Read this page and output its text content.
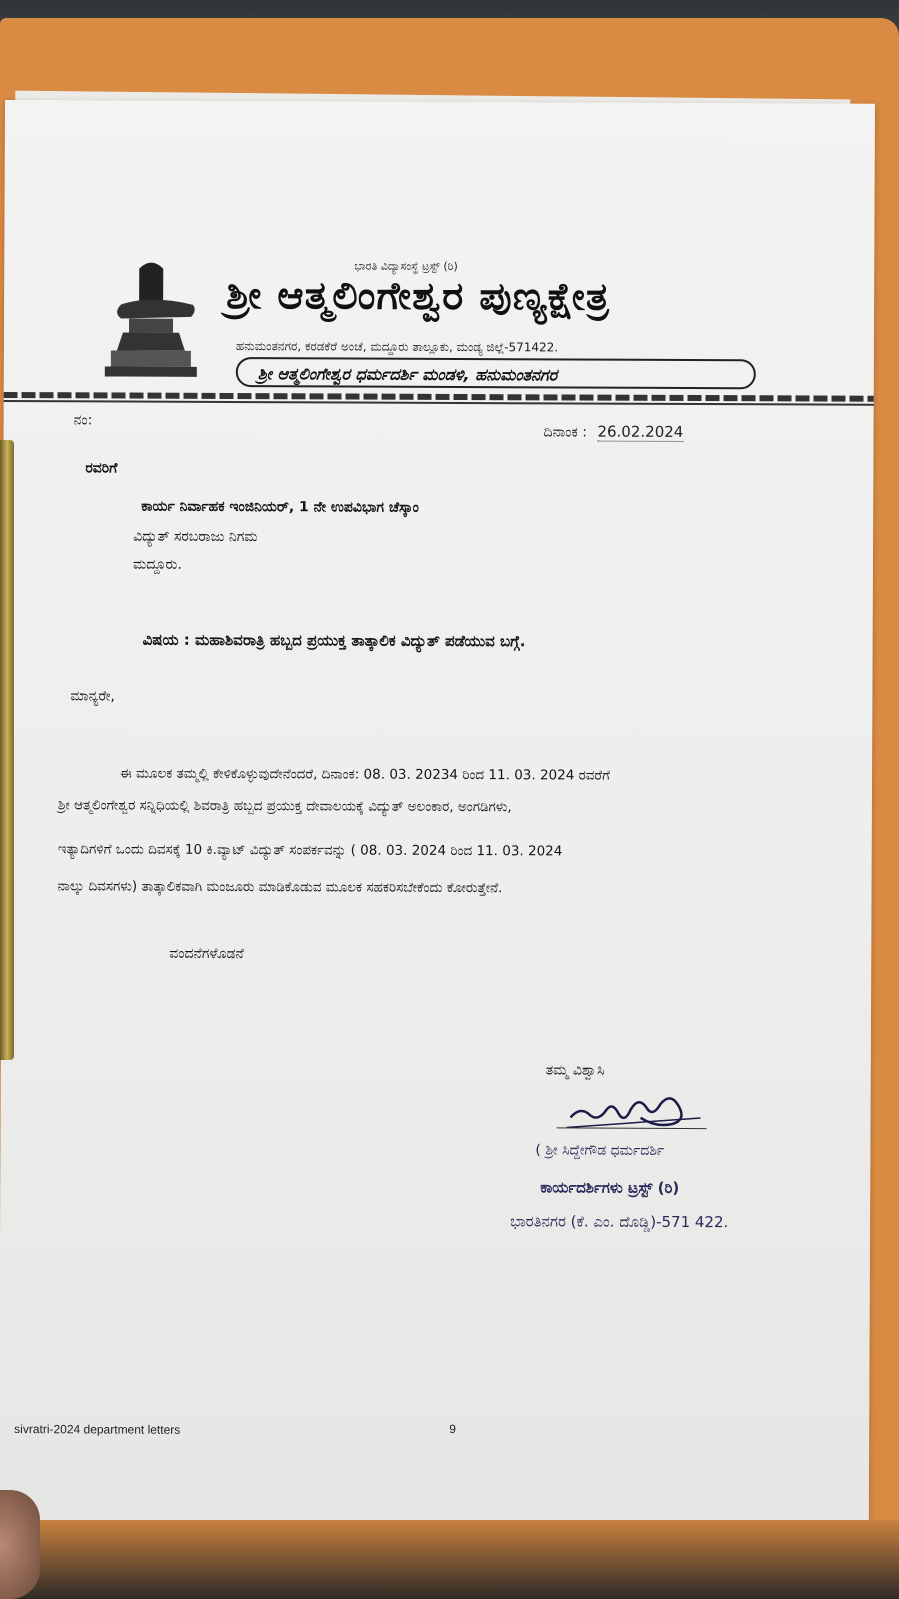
ಭಾರತಿ ವಿದ್ಯಾಸಂಸ್ಥೆ ಟ್ರಸ್ಟ್ (ರಿ)
ಶ್ರೀ ಆತ್ಮಲಿಂಗೇಶ್ವರ ಪುಣ್ಯಕ್ಷೇತ್ರ
ಹನುಮಂತನಗರ, ಕರಡಕೆರೆ ಅಂಚೆ, ಮದ್ದೂರು ತಾಲ್ಲೂಕು, ಮಂಡ್ಯ ಜಿಲ್ಲೆ-571422.
ಶ್ರೀ ಆತ್ಮಲಿಂಗೇಶ್ವರ ಧರ್ಮದರ್ಶಿ ಮಂಡಳಿ, ಹನುಮಂತನಗರ
ನಂ:
ದಿನಾಂಕ : 26.02.2024
ರವರಿಗೆ
ಕಾರ್ಯ ನಿರ್ವಾಹಕ ಇಂಜಿನಿಯರ್, 1 ನೇ ಉಪವಿಭಾಗ ಚೆಸ್ಕಾಂ
ವಿದ್ಯುತ್ ಸರಬರಾಜು ನಿಗಮ
ಮದ್ದೂರು.
ವಿಷಯ : ಮಹಾಶಿವರಾತ್ರಿ ಹಬ್ಬದ ಪ್ರಯುಕ್ತ ತಾತ್ಕಾಲಿಕ ವಿದ್ಯುತ್ ಪಡೆಯುವ ಬಗ್ಗೆ.
ಮಾನ್ಯರೇ,
ಈ ಮೂಲಕ ತಮ್ಮಲ್ಲಿ ಕೇಳಿಕೊಳ್ಳುವುದೇನೆಂದರೆ, ದಿನಾಂಕ: 08. 03. 20234 ರಿಂದ 11. 03. 2024 ರವರೆಗೆ
ಶ್ರೀ ಆತ್ಮಲಿಂಗೇಶ್ವರ ಸನ್ನಿಧಿಯಲ್ಲಿ ಶಿವರಾತ್ರಿ ಹಬ್ಬದ ಪ್ರಯುಕ್ತ ದೇವಾಲಯಕ್ಕೆ ವಿದ್ಯುತ್ ಅಲಂಕಾರ, ಅಂಗಡಿಗಳು,
ಇತ್ಯಾದಿಗಳಿಗೆ ಒಂದು ದಿವಸಕ್ಕೆ 10 ಕಿ.ವ್ಯಾಟ್ ವಿದ್ಯುತ್ ಸಂಪರ್ಕವನ್ನು ( 08. 03. 2024 ರಿಂದ 11. 03. 2024
ನಾಲ್ಕು ದಿವಸಗಳು) ತಾತ್ಕಾಲಿಕವಾಗಿ ಮಂಜೂರು ಮಾಡಿಕೊಡುವ ಮೂಲಕ ಸಹಕರಿಸಬೇಕೆಂದು ಕೋರುತ್ತೇನೆ.
ವಂದನೆಗಳೊಡನೆ
ತಮ್ಮ ವಿಶ್ವಾಸಿ
( ಶ್ರೀ ಸಿದ್ದೇಗೌಡ ಧರ್ಮದರ್ಶಿ
ಕಾರ್ಯದರ್ಶಿಗಳು ಟ್ರಸ್ಟ್ (ರಿ)
ಭಾರತಿನಗರ (ಕೆ. ಎಂ. ದೊಡ್ಡಿ)-571 422.
sivratri-2024 department letters	9
